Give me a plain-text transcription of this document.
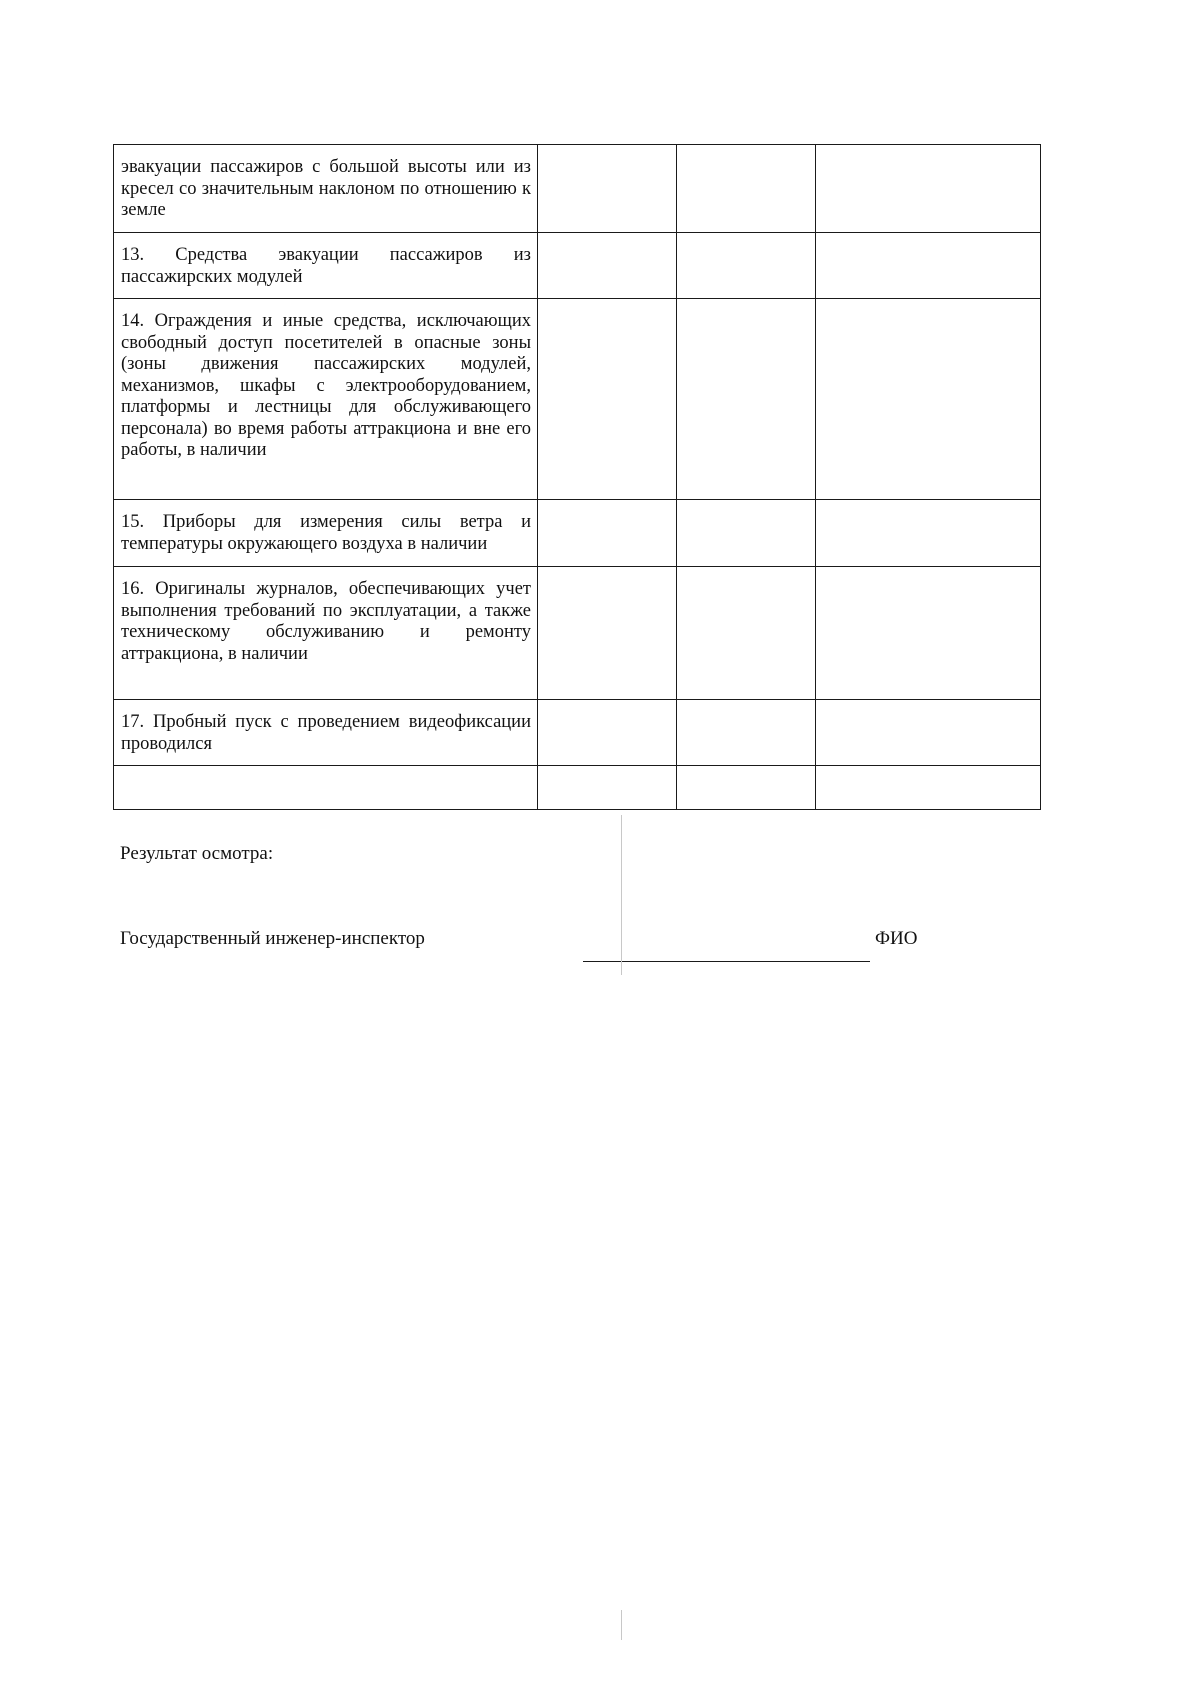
эвакуации пассажиров с большой высоты или из кресел со значительным наклоном по отношению к земле			
13. Средства эвакуации пассажиров из пассажирских модулей			
14. Ограждения и иные средства, исключающих свободный доступ посетителей в опасные зоны (зоны движения пассажирских модулей, механизмов, шкафы с электрооборудованием, платформы и лестницы для обслуживающего персонала) во время работы аттракциона и вне его работы, в наличии			
15. Приборы для измерения силы ветра и температуры окружающего воздуха в наличии			
16. Оригиналы журналов, обеспечивающих учет выполнения требований по эксплуатации, а также техническому обслуживанию и ремонту аттракциона, в наличии			
17. Пробный пуск с проведением видеофиксации проводился			

Результат осмотра:
Государственный инженер-инспектор	ФИО
